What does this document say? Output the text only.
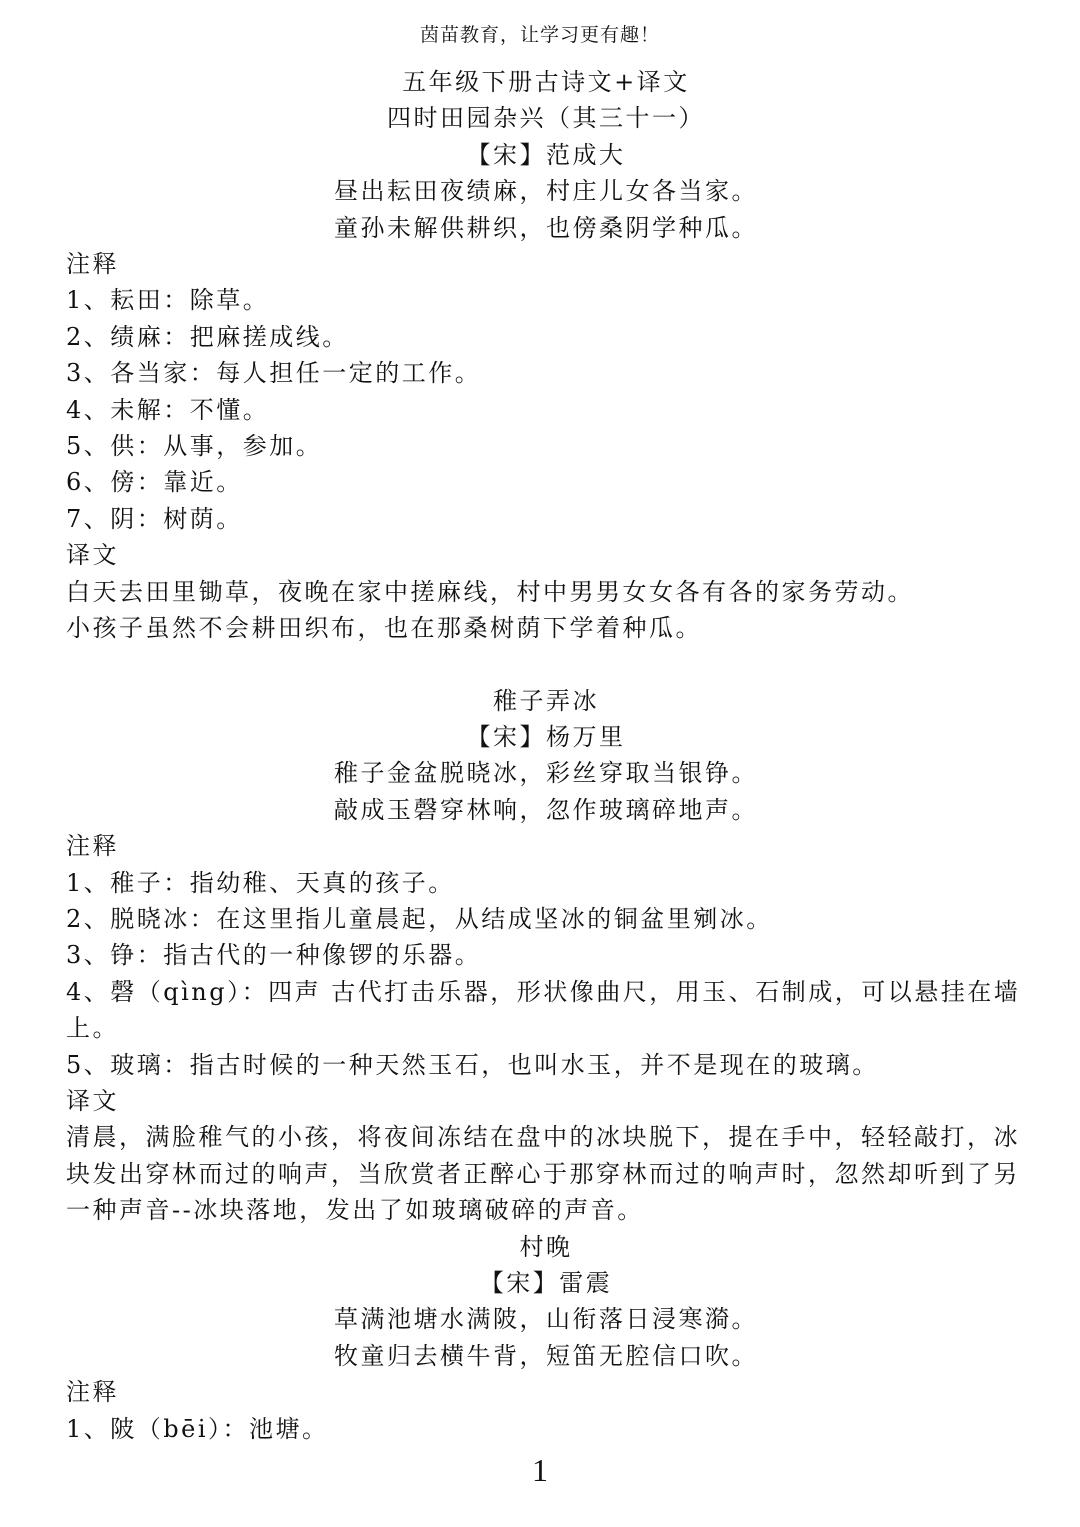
茵苗教育，让学习更有趣！
五年级下册古诗文+译文
四时田园杂兴（其三十一）
【宋】范成大
昼出耘田夜绩麻，村庄儿女各当家。
童孙未解供耕织，也傍桑阴学种瓜。
注释
1、耘田：除草。
2、绩麻：把麻搓成线。
3、各当家：每人担任一定的工作。
4、未解：不懂。
5、供：从事，参加。
6、傍：靠近。
7、阴：树荫。
译文
白天去田里锄草，夜晚在家中搓麻线，村中男男女女各有各的家务劳动。
小孩子虽然不会耕田织布，也在那桑树荫下学着种瓜。
稚子弄冰
【宋】杨万里
稚子金盆脱晓冰，彩丝穿取当银铮。
敲成玉磬穿林响，忽作玻璃碎地声。
注释
1、稚子：指幼稚、天真的孩子。
2、脱晓冰：在这里指儿童晨起，从结成坚冰的铜盆里剜冰。
3、铮：指古代的一种像锣的乐器。
4、磬（qìng）：四声 古代打击乐器，形状像曲尺，用玉、石制成，可以悬挂在墙上。
5、玻璃：指古时候的一种天然玉石，也叫水玉，并不是现在的玻璃。
译文
清晨，满脸稚气的小孩，将夜间冻结在盘中的冰块脱下，提在手中，轻轻敲打，冰块发出穿林而过的响声，当欣赏者正醉心于那穿林而过的响声时，忽然却听到了另一种声音--冰块落地，发出了如玻璃破碎的声音。
村晚
【宋】雷震
草满池塘水满陂，山衔落日浸寒漪。
牧童归去横牛背，短笛无腔信口吹。
注释
1、陂（bēi）：池塘。
1
